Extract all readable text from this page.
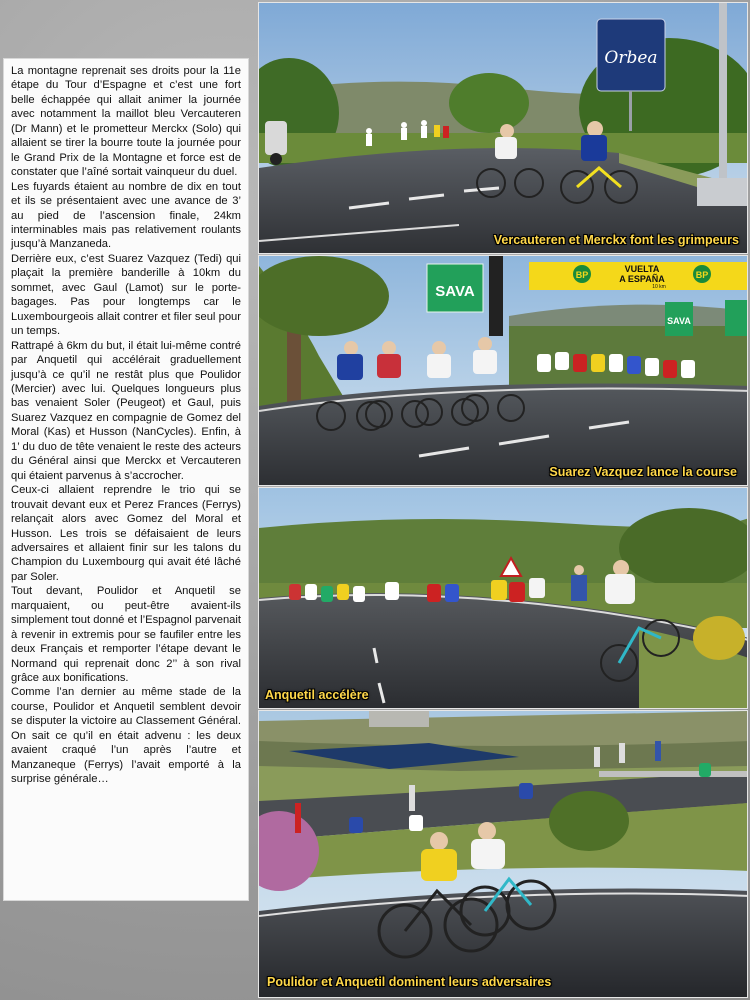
La montagne reprenait ses droits pour la 11e étape du Tour d’Espagne et c’est une fort belle échappée qui allait animer la journée avec notamment la maillot bleu Vercauteren (Dr Mann) et le prometteur Merckx (Solo) qui allaient se tirer la bourre toute la journée pour le Grand Prix de la Montagne et force est de constater que l’aîné sortait vainqueur du duel.

Les fuyards étaient au nombre de dix en tout et ils se présentaient avec une avance de 3’ au pied de l’ascension finale, 24km interminables mais pas relativement roulants jusqu’à Manzaneda.

Derrière eux, c’est Suarez Vazquez (Tedi) qui plaçait la première banderille à 10km du sommet, avec Gaul (Lamot) sur le porte-bagages. Pas pour longtemps car le Luxembourgeois allait contrer et filer seul pour un temps.

Rattrapé à 6km du but, il était lui-même contré par Anquetil qui accélérait graduellement jusqu’à ce qu’il ne restât plus que Poulidor (Mercier) avec lui. Quelques longueurs plus bas venaient Soler (Peugeot) et Gaul, puis Suarez Vazquez en compagnie de Gomez del Moral (Kas) et Husson (NanCycles). Enfin, à 1’ du duo de tête venaient le reste des acteurs du Général ainsi que Merckx et Vercauteren qui étaient parvenus à s’accrocher.

Ceux-ci allaient reprendre le trio qui se trouvait devant eux et Perez Frances (Ferrys) relançait alors avec Gomez del Moral et Husson. Les trois se défaisaient de leurs adversaires et allaient finir sur les talons du Champion du Luxembourg qui avait été lâché par Soler.

Tout devant, Poulidor et Anquetil se marquaient, ou peut-être avaient-ils simplement tout donné et l’Espagnol parvenait à revenir in extremis pour se faufiler entre les deux Français et remporter l’étape devant le Normand qui reprenait donc 2’’ à son rival grâce aux bonifications.

Comme l’an dernier au même stade de la course, Poulidor et Anquetil semblent devoir se disputer la victoire au Classement Général. On sait ce qu’il en était advenu : les deux avaient craqué l’un après l’autre et Manzaneque (Ferrys) l’avait emporté à la surprise générale…

Orbea
Vercauteren et Merckx font les grimpeurs
SAVA
SAVA
BP	BP
VUELTA
A ESPAÑA
10 km
Suarez Vazquez lance la course
Anquetil accélère
Poulidor et Anquetil dominent leurs adversaires
